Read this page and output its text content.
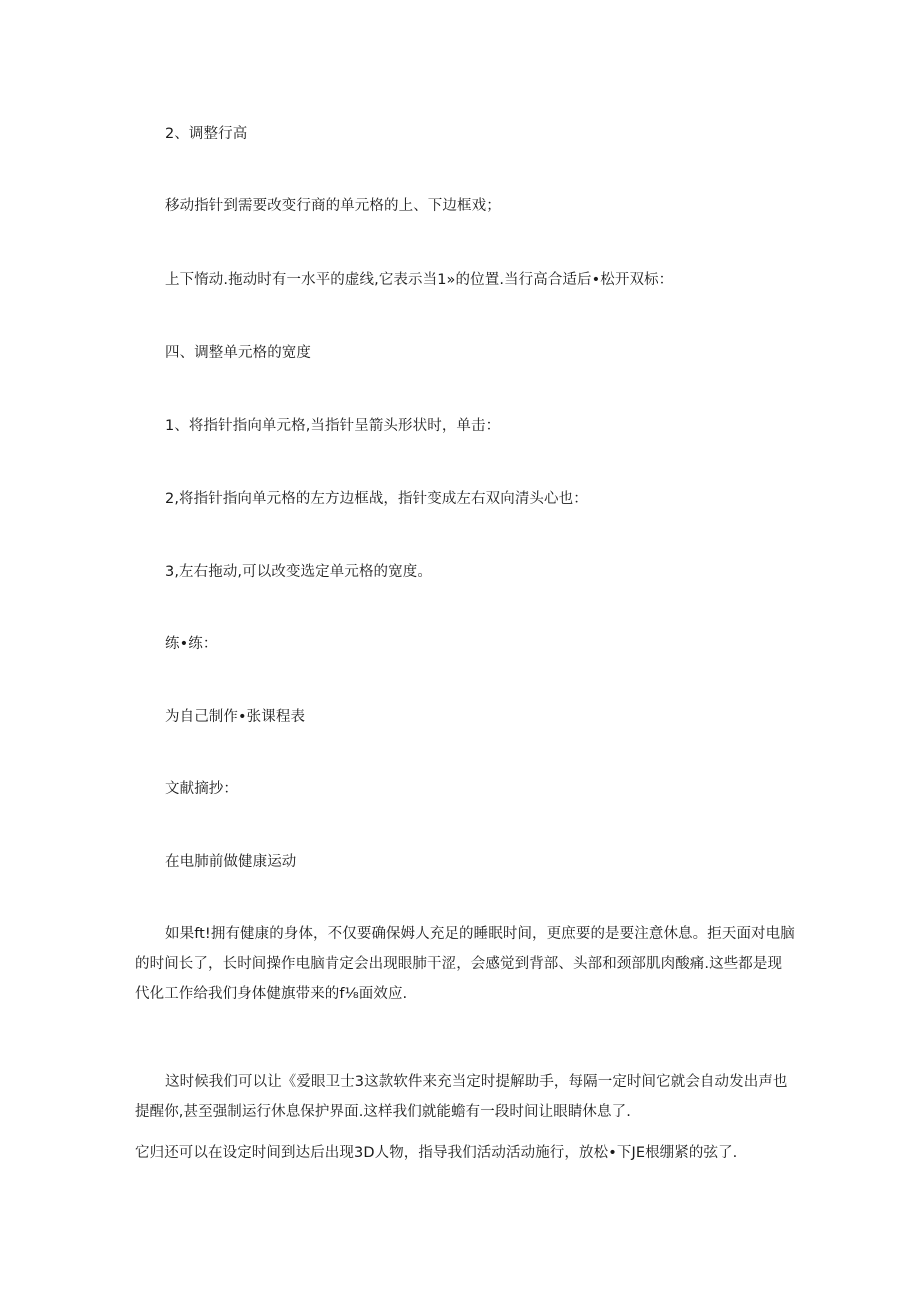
2、调整行高
移动指针到需要改变行商的单元格的上、下边框戏；
上下惰动.拖动时有一水平的虚线,它表示当1»的位置.当行高合适后•松开双标：
四、调整单元格的宽度
1、将指针指向单元格,当指针呈箭头形状时，单击：
2,将指针指向单元格的左方边框战，指针变成左右双向清头心也：
3,左右拖动,可以改变选定单元格的宽度。
练•练：
为自己制作•张课程表
文献摘抄：
在电肺前做健康运动

如果ft!拥有健康的身体，不仅要确保姆人充足的睡眠时间，更庶要的是要注意休息。拒天面对电脑的时间长了，长时间操作电脑肯定会出现眼肺干涩，会感觉到背部、头部和颈部肌肉酸痛.这些都是现代化工作给我们身体健旗带来的f⅛面效应.

这时候我们可以让《爱眼卫士3这款软件来充当定时提解助手，每隔一定时间它就会自动发出声也提醒你,甚至强制运行休息保护界面.这样我们就能蟾有一段时间让眼睛休息了.

它归还可以在设定时间到达后出现3D人物，指导我们活动活动施行，放松•下JE根绷紧的弦了.
